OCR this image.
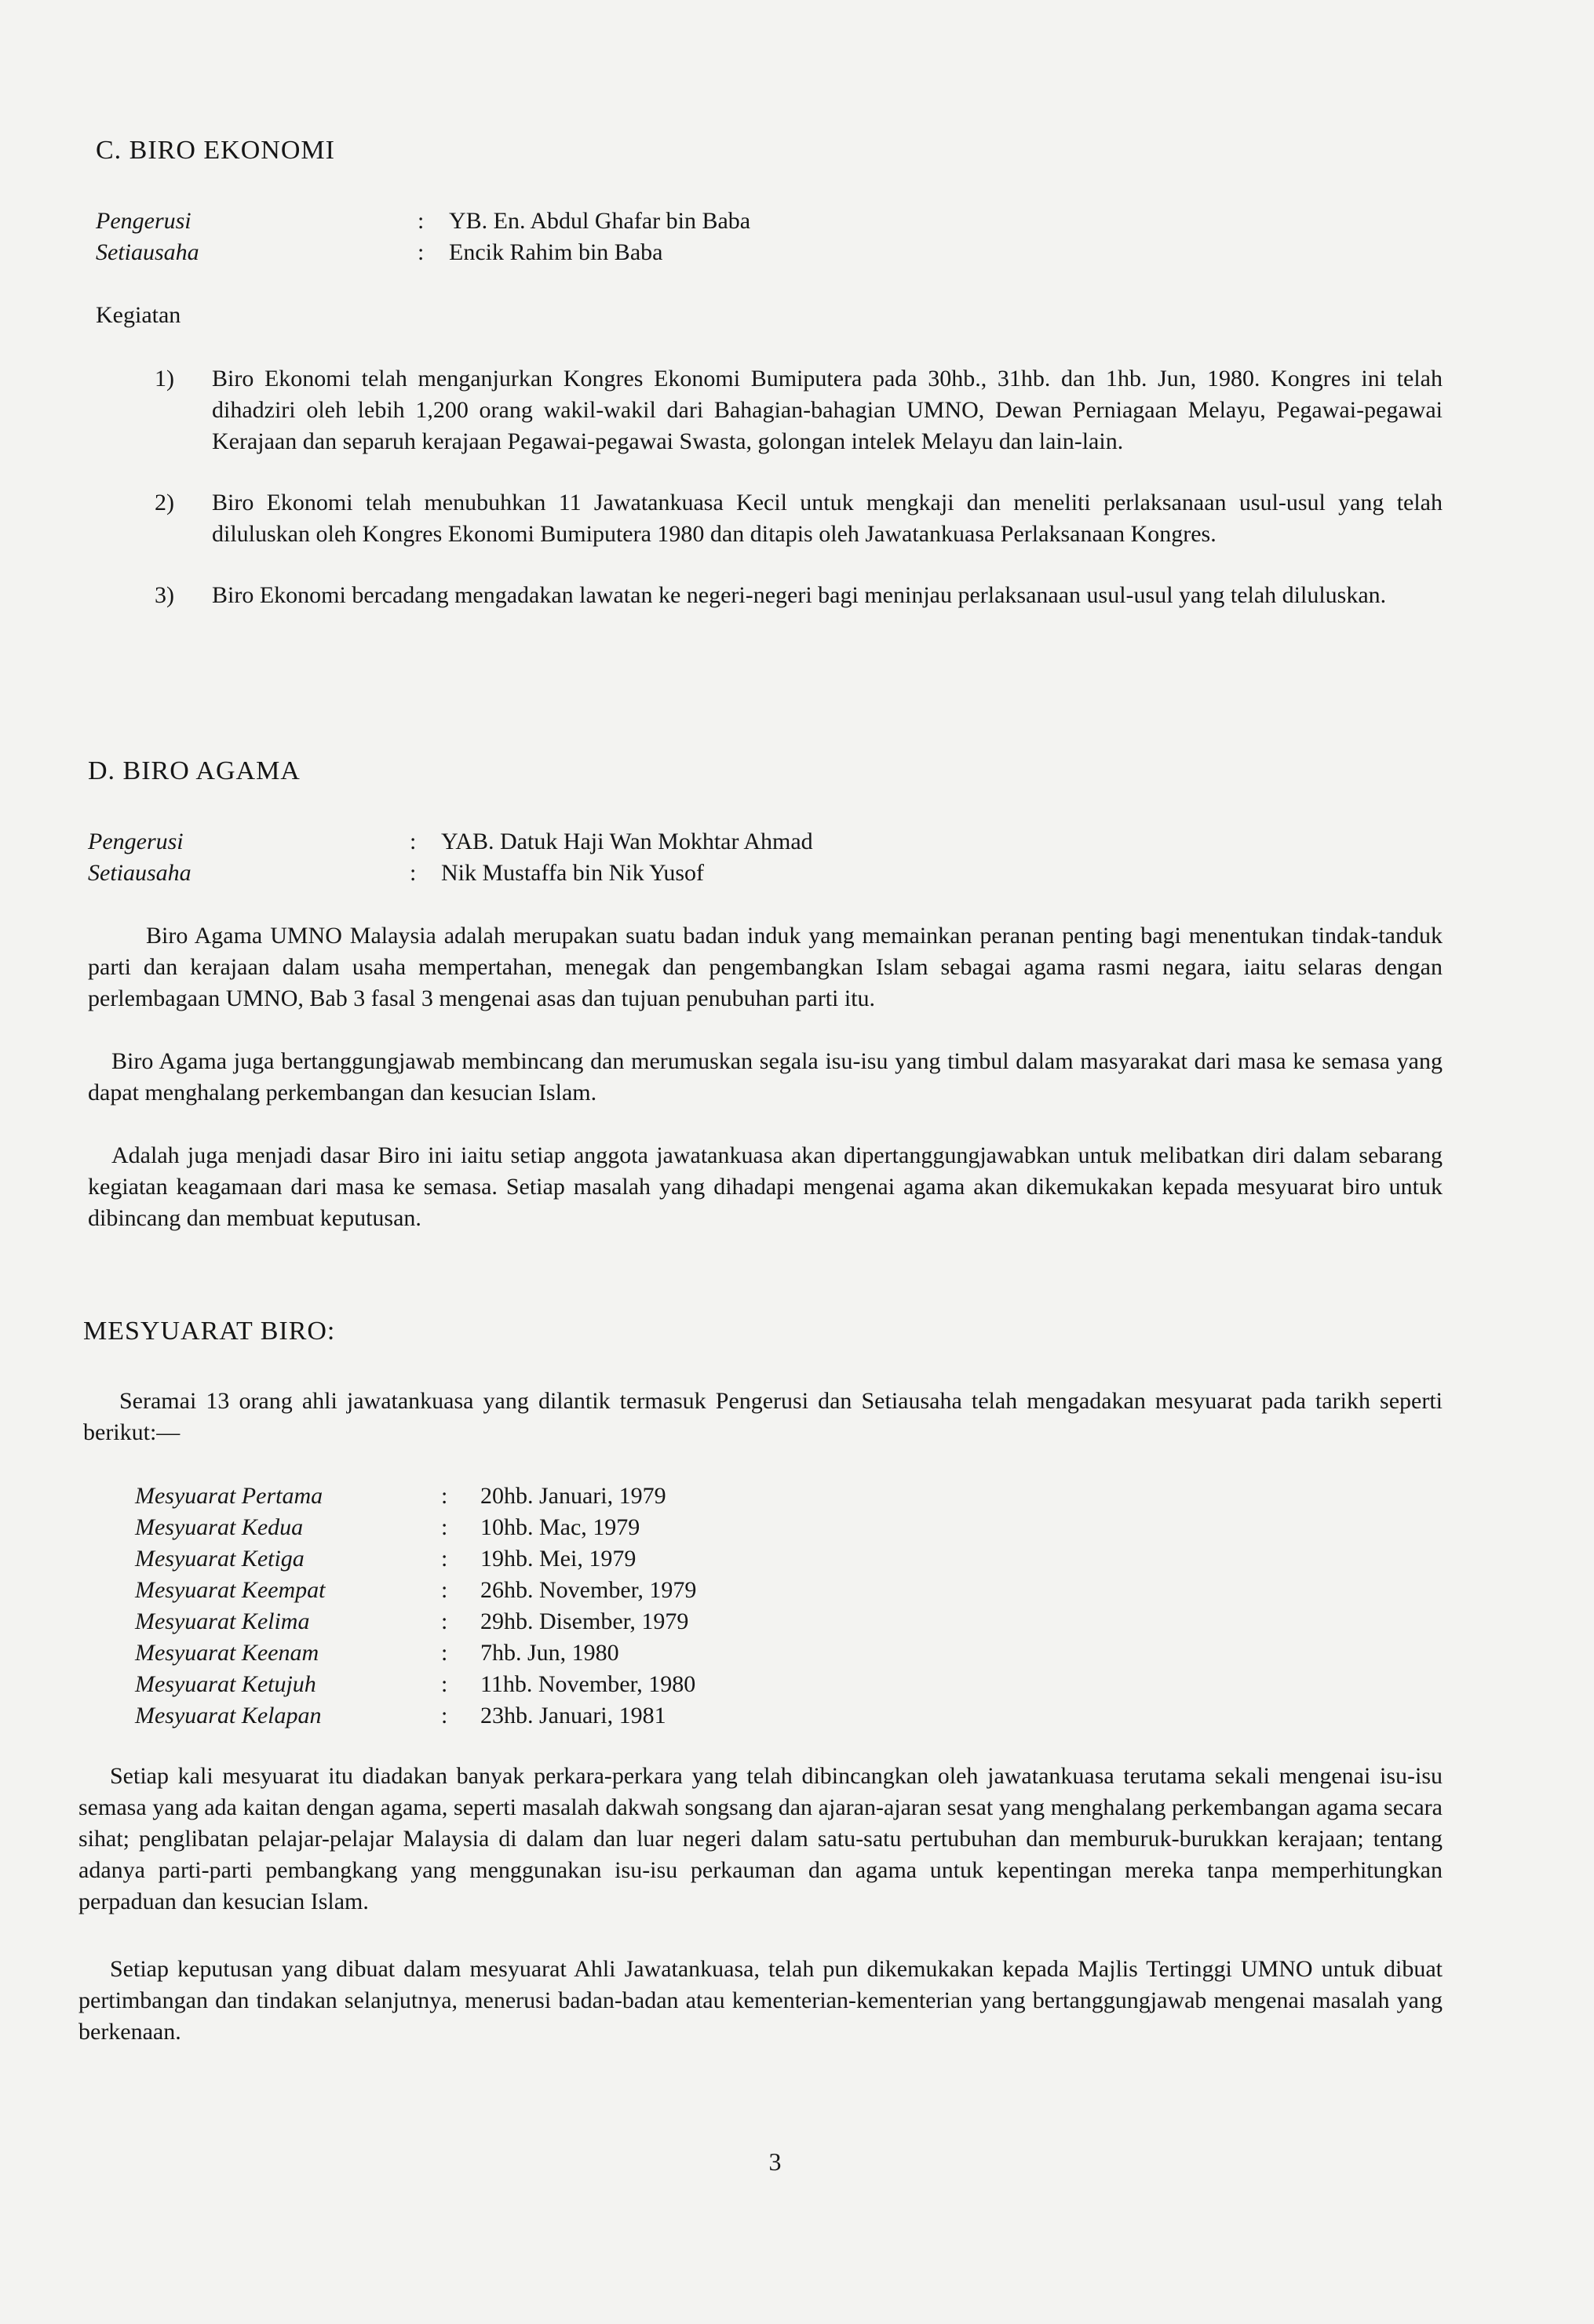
C. BIRO EKONOMI
Pengerusi	:	YB. En. Abdul Ghafar bin Baba
Setiausaha	:	Encik Rahim bin Baba
Kegiatan
1)	Biro Ekonomi telah menganjurkan Kongres Ekonomi Bumiputera pada 30hb., 31hb. dan 1hb. Jun, 1980. Kongres ini telah dihadziri oleh lebih 1,200 orang wakil-wakil dari Bahagian-bahagian UMNO, Dewan Perniagaan Melayu, Pegawai-pegawai Kerajaan dan separuh kerajaan Pegawai-pegawai Swasta, golongan intelek Melayu dan lain-lain.
2)	Biro Ekonomi telah menubuhkan 11 Jawatankuasa Kecil untuk mengkaji dan meneliti perlaksanaan usul-usul yang telah diluluskan oleh Kongres Ekonomi Bumiputera 1980 dan ditapis oleh Jawatankuasa Perlaksanaan Kongres.
3)	Biro Ekonomi bercadang mengadakan lawatan ke negeri-negeri bagi meninjau perlaksanaan usul-usul yang telah diluluskan.
D. BIRO AGAMA
Pengerusi	:	YAB. Datuk Haji Wan Mokhtar Ahmad
Setiausaha	:	Nik Mustaffa bin Nik Yusof

Biro Agama UMNO Malaysia adalah merupakan suatu badan induk yang memainkan peranan penting bagi menentukan tindak-tanduk parti dan kerajaan dalam usaha mempertahan, menegak dan pengembangkan Islam sebagai agama rasmi negara, iaitu selaras dengan perlembagaan UMNO, Bab 3 fasal 3 mengenai asas dan tujuan penubuhan parti itu.

Biro Agama juga bertanggungjawab membincang dan merumuskan segala isu-isu yang timbul dalam masyarakat dari masa ke semasa yang dapat menghalang perkembangan dan kesucian Islam.

Adalah juga menjadi dasar Biro ini iaitu setiap anggota jawatankuasa akan dipertanggungjawabkan untuk melibatkan diri dalam sebarang kegiatan keagamaan dari masa ke semasa. Setiap masalah yang dihadapi mengenai agama akan dikemukakan kepada mesyuarat biro untuk dibincang dan membuat keputusan.

MESYUARAT BIRO:

Seramai 13 orang ahli jawatankuasa yang dilantik termasuk Pengerusi dan Setiausaha telah mengadakan mesyuarat pada tarikh seperti berikut:—

Mesyuarat Pertama	:	20hb. Januari, 1979
Mesyuarat Kedua	:	10hb. Mac, 1979
Mesyuarat Ketiga	:	19hb. Mei, 1979
Mesyuarat Keempat	:	26hb. November, 1979
Mesyuarat Kelima	:	29hb. Disember, 1979
Mesyuarat Keenam	:	7hb. Jun, 1980
Mesyuarat Ketujuh	:	11hb. November, 1980
Mesyuarat Kelapan	:	23hb. Januari, 1981

Setiap kali mesyuarat itu diadakan banyak perkara-perkara yang telah dibincangkan oleh jawatankuasa terutama sekali mengenai isu-isu semasa yang ada kaitan dengan agama, seperti masalah dakwah songsang dan ajaran-ajaran sesat yang menghalang perkembangan agama secara sihat; penglibatan pelajar-pelajar Malaysia di dalam dan luar negeri dalam satu-satu pertubuhan dan memburuk-burukkan kerajaan; tentang adanya parti-parti pembangkang yang menggunakan isu-isu perkauman dan agama untuk kepentingan mereka tanpa memperhitungkan perpaduan dan kesucian Islam.

Setiap keputusan yang dibuat dalam mesyuarat Ahli Jawatankuasa, telah pun dikemukakan kepada Majlis Tertinggi UMNO untuk dibuat pertimbangan dan tindakan selanjutnya, menerusi badan-badan atau kementerian-kementerian yang bertanggungjawab mengenai masalah yang berkenaan.

3
